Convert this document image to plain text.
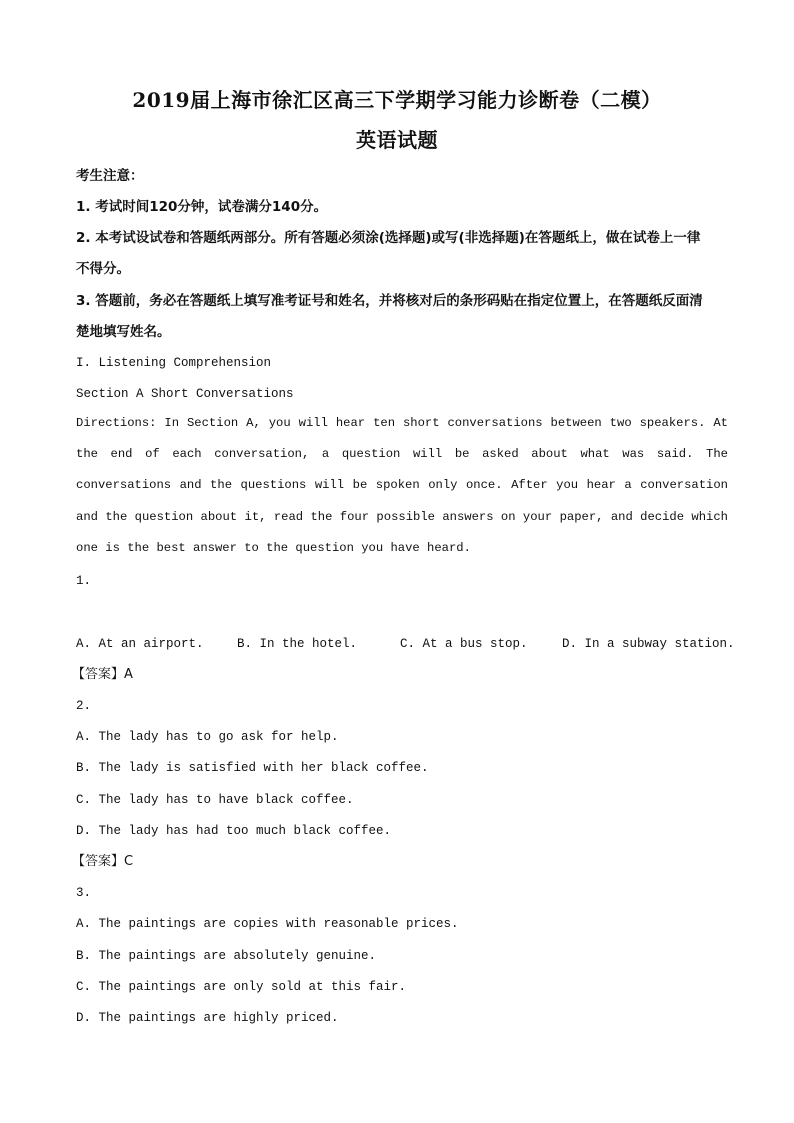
2019届上海市徐汇区高三下学期学习能力诊断卷（二模）
英语试题
考生注意：
1. 考试时间120分钟，试卷满分140分。
2. 本考试设试卷和答题纸两部分。所有答题必须涂(选择题)或写(非选择题)在答题纸上，做在试卷上一律
不得分。
3. 答题前，务必在答题纸上填写准考证号和姓名，并将核对后的条形码贴在指定位置上，在答题纸反面清
楚地填写姓名。
I. Listening Comprehension
Section A Short Conversations
Directions: In Section A, you will hear ten short conversations between two speakers. At the end of each conversation, a question will be asked about what was said. The conversations and the questions will be spoken only once. After you hear a conversation and the question about it, read the four possible answers on your paper, and decide which one is the best answer to the question you have heard.
1.
A. At an airport.	B. In the hotel.	C. At a bus stop.	D. In a subway station.
【答案】A
2.
A. The lady has to go ask for help.
B. The lady is satisfied with her black coffee.
C. The lady has to have black coffee.
D. The lady has had too much black coffee.
【答案】C
3.
A. The paintings are copies with reasonable prices.
B. The paintings are absolutely genuine.
C. The paintings are only sold at this fair.
D. The paintings are highly priced.
